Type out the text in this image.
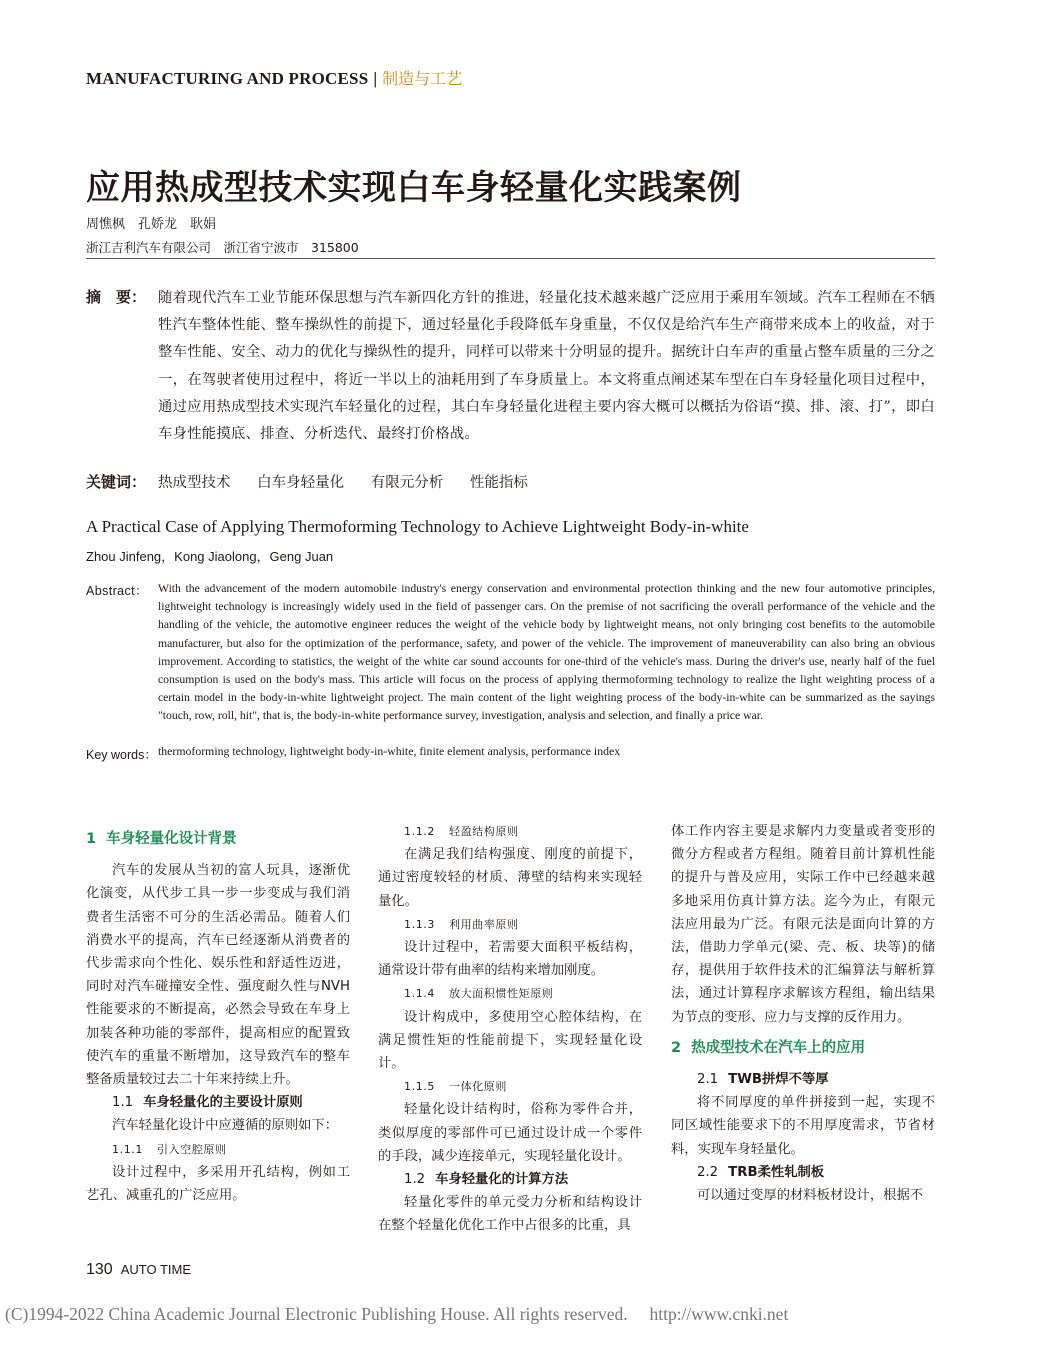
MANUFACTURING AND PROCESS | 制造与工艺
应用热成型技术实现白车身轻量化实践案例
周憔枫　孔娇龙　耿娟
浙江吉利汽车有限公司　浙江省宁波市　315800
摘　要： 随着现代汽车工业节能环保思想与汽车新四化方针的推进，轻量化技术越来越广泛应用于乘用车领域。汽车工程师在不牺牲汽车整体性能、整车操纵性的前提下，通过轻量化手段降低车身重量，不仅仅是给汽车生产商带来成本上的收益，对于整车性能、安全、动力的优化与操纵性的提升，同样可以带来十分明显的提升。据统计白车声的重量占整车质量的三分之一，在驾驶者使用过程中，将近一半以上的油耗用到了车身质量上。本文将重点阐述某车型在白车身轻量化项目过程中，通过应用热成型技术实现汽车轻量化的过程，其白车身轻量化进程主要内容大概可以概括为俗语“摸、排、滚、打”，即白车身性能摸底、排查、分析迭代、最终打价格战。
关键词： 热成型技术 白车身轻量化 有限元分析 性能指标
A Practical Case of Applying Thermoforming Technology to Achieve Lightweight Body-in-white
Zhou Jinfeng，Kong Jiaolong，Geng Juan
Abstract： With the advancement of the modern automobile industry's energy conservation and environmental protection thinking and the new four automotive principles, lightweight technology is increasingly widely used in the field of passenger cars. On the premise of not sacrificing the overall performance of the vehicle and the handling of the vehicle, the automotive engineer reduces the weight of the vehicle body by lightweight means, not only bringing cost benefits to the automobile manufacturer, but also for the optimization of the performance, safety, and power of the vehicle. The improvement of maneuverability can also bring an obvious improvement. According to statistics, the weight of the white car sound accounts for one-third of the vehicle's mass. During the driver's use, nearly half of the fuel consumption is used on the body's mass. This article will focus on the process of applying thermoforming technology to realize the light weighting process of a certain model in the body-in-white lightweight project. The main content of the light weighting process of the body-in-white can be summarized as the sayings "touch, row, roll, hit", that is, the body-in-white performance survey, investigation, analysis and selection, and finally a price war.
Key words： thermoforming technology, lightweight body-in-white, finite element analysis, performance index
1 车身轻量化设计背景

汽车的发展从当初的富人玩具，逐渐优化演变，从代步工具一步一步变成与我们消费者生活密不可分的生活必需品。随着人们消费水平的提高，汽车已经逐渐从消费者的代步需求向个性化、娱乐性和舒适性迈进，同时对汽车碰撞安全性、强度耐久性与NVH性能要求的不断提高，必然会导致在车身上加装各种功能的零部件，提高相应的配置致使汽车的重量不断增加，这导致汽车的整车整备质量较过去二十年来持续上升。

1.1 车身轻量化的主要设计原则

汽车轻量化设计中应遵循的原则如下：

1.1.1 引入空腔原则

设计过程中，多采用开孔结构，例如工艺孔、减重孔的广泛应用。

1.1.2 轻盈结构原则

在满足我们结构强度、刚度的前提下，通过密度较轻的材质、薄壁的结构来实现轻量化。

1.1.3 利用曲率原则

设计过程中，若需要大面积平板结构，通常设计带有曲率的结构来增加刚度。

1.1.4 放大面积惯性矩原则

设计构成中，多使用空心腔体结构，在满足惯性矩的性能前提下，实现轻量化设计。

1.1.5 一体化原则

轻量化设计结构时，俗称为零件合并，类似厚度的零部件可已通过设计成一个零件的手段，减少连接单元，实现轻量化设计。

1.2 车身轻量化的计算方法

轻量化零件的单元受力分析和结构设计在整个轻量化优化工作中占很多的比重，具

体工作内容主要是求解内力变量或者变形的微分方程或者方程组。随着目前计算机性能的提升与普及应用，实际工作中已经越来越多地采用仿真计算方法。迄今为止，有限元法应用最为广泛。有限元法是面向计算的方法，借助力学单元(梁、壳、板、块等)的储存，提供用于软件技术的汇编算法与解析算法，通过计算程序求解该方程组，输出结果为节点的变形、应力与支撑的反作用力。

2 热成型技术在汽车上的应用
2.1 TWB拼焊不等厚

将不同厚度的单件拼接到一起，实现不同区域性能要求下的不用厚度需求，节省材料，实现车身轻量化。

2.2 TRB柔性轧制板

可以通过变厚的材料板材设计，根据不

130 AUTO TIME
(C)1994-2022 China Academic Journal Electronic Publishing House. All rights reserved.　 http://www.cnki.net
